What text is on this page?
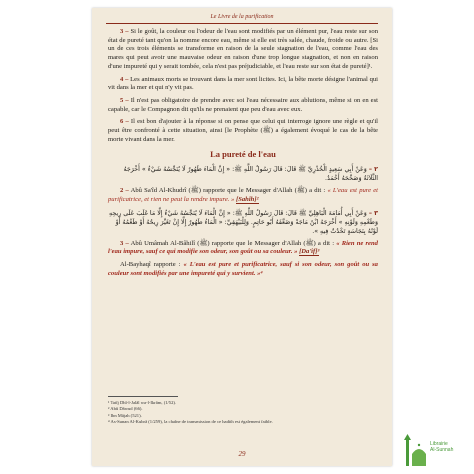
Le Livre de la purification

3 – Si le goût, la couleur ou l'odeur de l'eau sont modifiés par un élément pur, l'eau reste sur son état de pureté tant qu'on la nomme encore eau, même si elle est très salée, chaude, froide ou autre. [Si un de ces trois éléments se transforme en raison de la seule stagnation de l'eau, comme l'eau des mares qui peut avoir une mauvaise odeur en raison d'une trop longue stagnation, et non en raison d'une impureté qui y serait tombée, cela n'est pas préjudiciable, et l'eau reste sur son état de pureté]¹.

4 – Les animaux morts se trouvant dans la mer sont licites. Ici, la bête morte désigne l'animal qui vit dans la mer et qui n'y vit pas.

5 – Il n'est pas obligatoire de prendre avec soi l'eau nécessaire aux ablutions, même si on en est capable, car le Compagnon dit qu'ils ne prenaient que peu d'eau avec eux.

6 – Il est bon d'ajouter à la réponse si on pense que celui qui interroge ignore une règle et qu'il peut être confronté à cette situation, ainsi [le Prophète (ﷺ) a également évoqué le cas de la bête morte vivant dans la mer.

La pureté de l'eau

٢ – وَعَنْ أَبِي سَعِيدٍ الْخُدْرِيِّ ﷺ قَالَ: قَالَ رَسُولُ اللَّهِ ﷺ: « إِنَّ الْمَاءَ طَهُورٌ لَا يُنَجِّسُهُ شَيْءٌ » أَخْرَجَهُ الثَّلَاثَةُ وَصَحَّحَهُ أَحْمَدُ.

2 – Abû Sa'îd Al-Khudrî (ﷺ) rapporte que le Messager d'Allah (ﷺ) a dit : « L'eau est pure et purificatrice, et rien ne peut la rendre impure. » [Sahîh]²

٣ – وَعَنْ أَبِي أُمَامَةَ الْبَاهِلِيِّ ﷺ قَالَ: قَالَ رَسُولُ اللَّهِ ﷺ: « إِنَّ الْمَاءَ لَا يُنَجِّسُهُ شَيْءٌ إِلَّا مَا غَلَبَ عَلَى رِيحِهِ وَطَعْمِهِ وَلَوْنِهِ » أَخْرَجَهُ ابْنُ مَاجَهْ وَضَعَّفَهُ أَبُو حَاتِمٍ. وَلِلْبَيْهَقِيِّ: « الْمَاءُ طَهُورٌ إِلَّا إِنْ تَغَيَّرَ رِيحُهُ أَوْ طَعْمُهُ أَوْ لَوْنُهُ بِنَجَاسَةٍ تَحْدُثُ فِيهِ ».

3 – Abû Umâmah Al-Bâhilî (ﷺ) rapporte que le Messager d'Allah (ﷺ) a dit : « Rien ne rend l'eau impure, sauf ce qui modifie son odeur, son goût ou sa couleur. » [Da'îf]³

Al-Bayhaqî rapporte : « L'eau est pure et purificatrice, sauf si son odeur, son goût ou sa couleur sont modifiés par une impureté qui y survient. »⁴

¹ Tatîj Dhî-l-Jalâl wa-l-Ikrâm, (1/52).
² Abû Dâwud (66).
³ Ibn Mâjah (521).
⁴ As-Sunan Al-Kubrâ (1/259), la chaîne de transmission de ce hadith est également faible.
29
Librairie
Al-Sunnah
